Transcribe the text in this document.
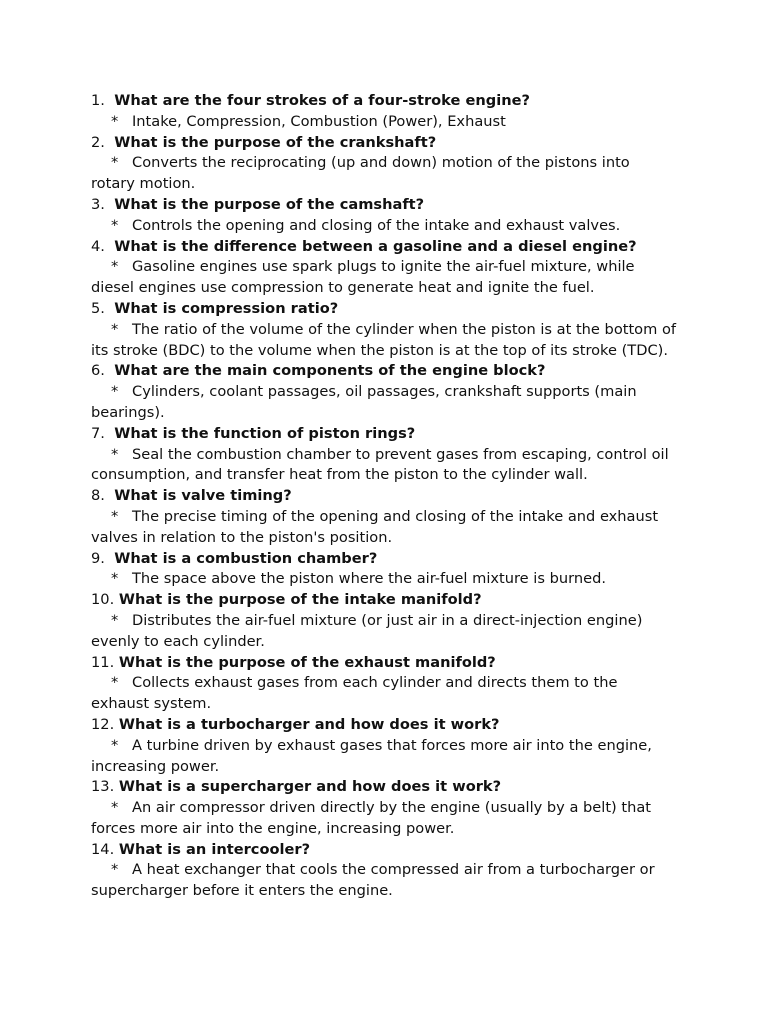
1. What are the four strokes of a four-stroke engine?
* Intake, Compression, Combustion (Power), Exhaust
2. What is the purpose of the crankshaft?
* Converts the reciprocating (up and down) motion of the pistons into rotary motion.
3. What is the purpose of the camshaft?
* Controls the opening and closing of the intake and exhaust valves.
4. What is the difference between a gasoline and a diesel engine?
* Gasoline engines use spark plugs to ignite the air-fuel mixture, while diesel engines use compression to generate heat and ignite the fuel.
5. What is compression ratio?
* The ratio of the volume of the cylinder when the piston is at the bottom of its stroke (BDC) to the volume when the piston is at the top of its stroke (TDC).
6. What are the main components of the engine block?
* Cylinders, coolant passages, oil passages, crankshaft supports (main bearings).
7. What is the function of piston rings?
* Seal the combustion chamber to prevent gases from escaping, control oil consumption, and transfer heat from the piston to the cylinder wall.
8. What is valve timing?
* The precise timing of the opening and closing of the intake and exhaust valves in relation to the piston's position.
9. What is a combustion chamber?
* The space above the piston where the air-fuel mixture is burned.
10. What is the purpose of the intake manifold?
* Distributes the air-fuel mixture (or just air in a direct-injection engine) evenly to each cylinder.
11. What is the purpose of the exhaust manifold?
* Collects exhaust gases from each cylinder and directs them to the exhaust system.
12. What is a turbocharger and how does it work?
* A turbine driven by exhaust gases that forces more air into the engine, increasing power.
13. What is a supercharger and how does it work?
* An air compressor driven directly by the engine (usually by a belt) that forces more air into the engine, increasing power.
14. What is an intercooler?
* A heat exchanger that cools the compressed air from a turbocharger or supercharger before it enters the engine.
